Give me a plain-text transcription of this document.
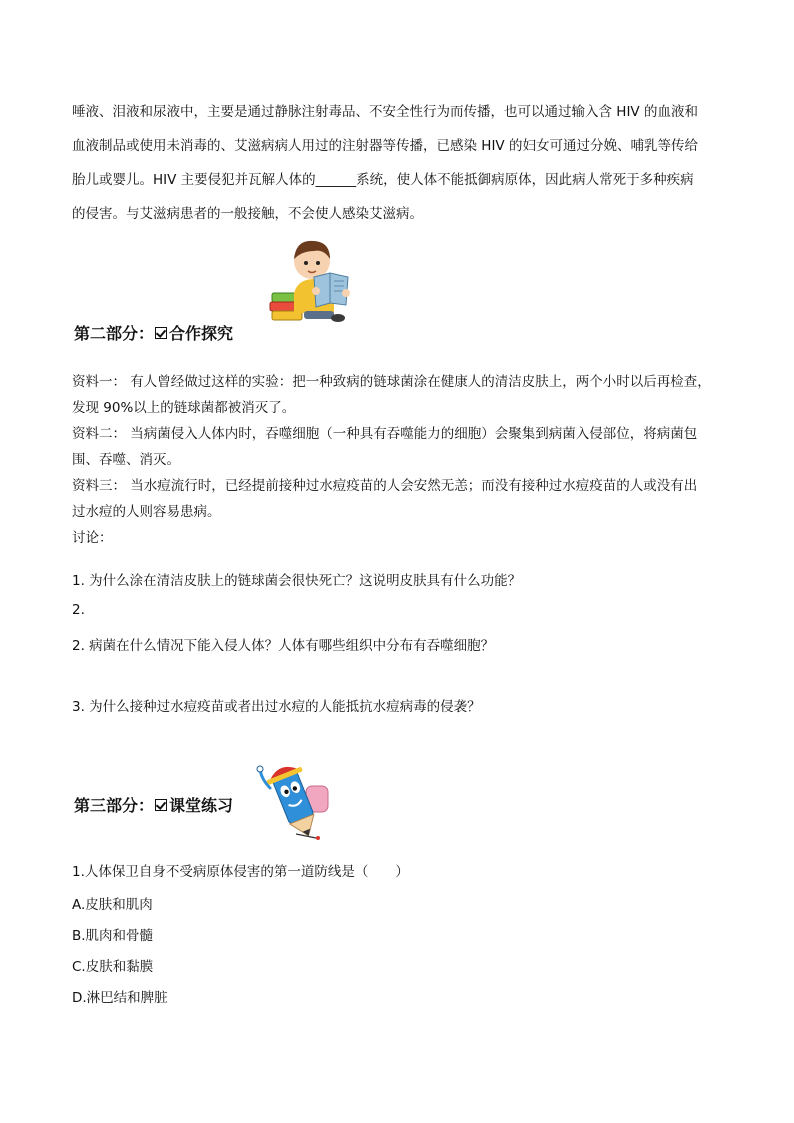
唾液、泪液和尿液中，主要是通过静脉注射毒品、不安全性行为而传播，也可以通过输入含 HIV 的血液和

血液制品或使用未消毒的、艾滋病病人用过的注射器等传播，已感染 HIV 的妇女可通过分娩、哺乳等传给

胎儿或婴儿。HIV 主要侵犯并瓦解人体的______系统，使人体不能抵御病原体，因此病人常死于多种疾病

的侵害。与艾滋病患者的一般接触，不会使人感染艾滋病。

第二部分： 合作探究
资料一： 有人曾经做过这样的实验：把一种致病的链球菌涂在健康人的清洁皮肤上，两个小时以后再检查，
发现 90%以上的链球菌都被消灭了。
资料二： 当病菌侵入人体内时，吞噬细胞（一种具有吞噬能力的细胞）会聚集到病菌入侵部位，将病菌包
围、吞噬、消灭。
资料三： 当水痘流行时，已经提前接种过水痘疫苗的人会安然无恙；而没有接种过水痘疫苗的人或没有出
过水痘的人则容易患病。
讨论：
1. 为什么涂在清洁皮肤上的链球菌会很快死亡？这说明皮肤具有什么功能？
2.
2. 病菌在什么情况下能入侵人体？人体有哪些组织中分布有吞噬细胞？
3. 为什么接种过水痘疫苗或者出过水痘的人能抵抗水痘病毒的侵袭？
第三部分： 课堂练习
1.人体保卫自身不受病原体侵害的第一道防线是（　　）
A.皮肤和肌肉
B.肌肉和骨髓
C.皮肤和黏膜
D.淋巴结和脾脏
